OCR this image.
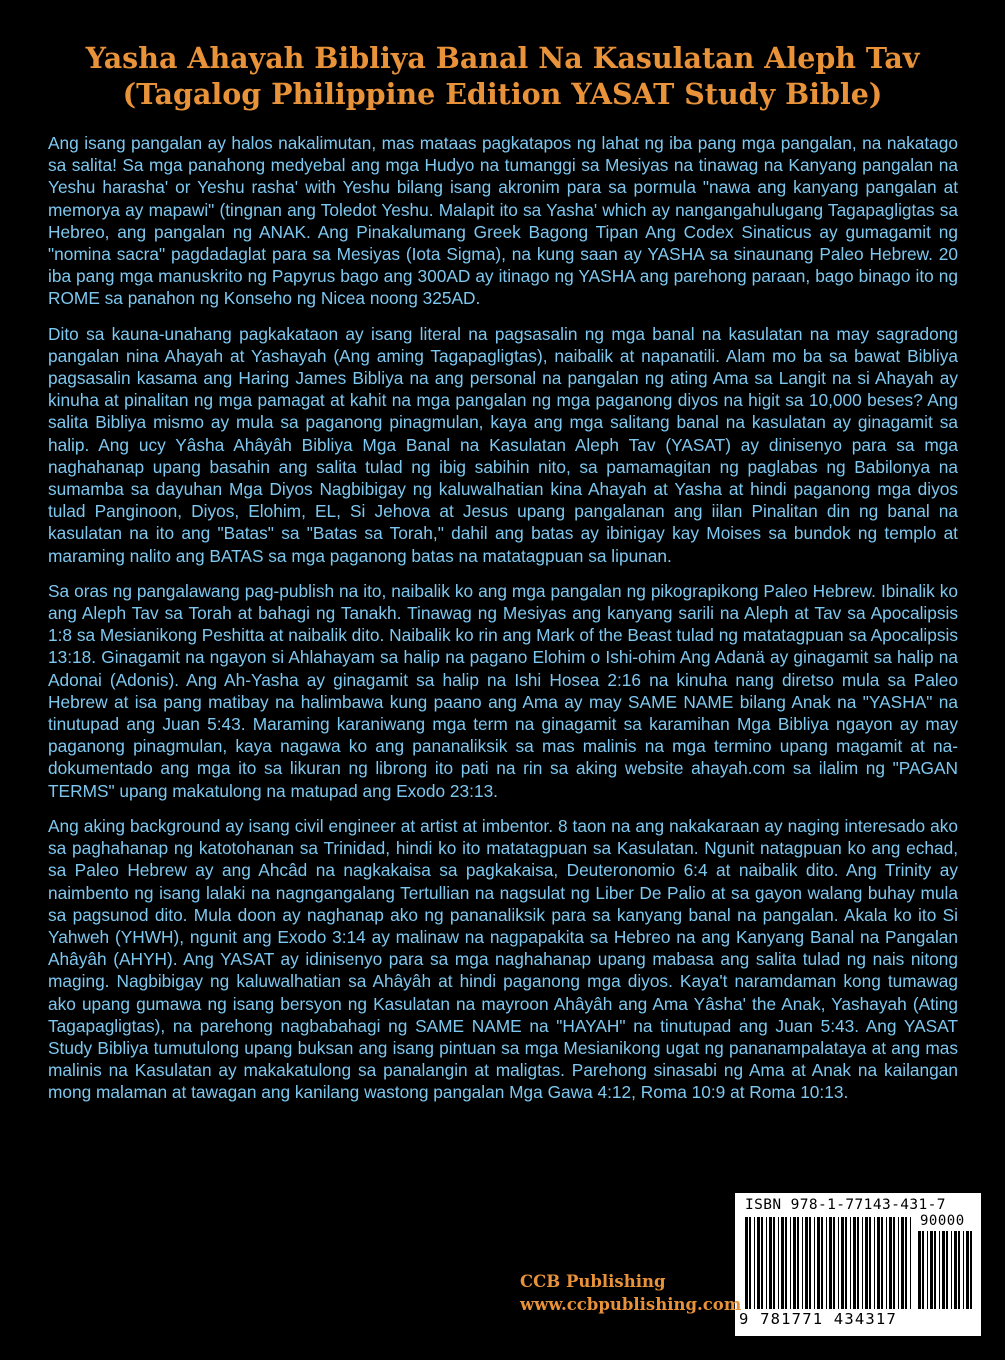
Yasha Ahayah Bibliya Banal Na Kasulatan Aleph Tav
(Tagalog Philippine Edition YASAT Study Bible)

Ang isang pangalan ay halos nakalimutan, mas mataas pagkatapos ng lahat ng iba pang mga pangalan, na nakatago sa salita! Sa mga panahong medyebal ang mga Hudyo na tumanggi sa Mesiyas na tinawag na Kanyang pangalan na Yeshu harasha' or Yeshu rasha' with Yeshu bilang isang akronim para sa pormula "nawa ang kanyang pangalan at memorya ay mapawi" (tingnan ang Toledot Yeshu. Malapit ito sa Yasha' which ay nangangahulugang Tagapagligtas sa Hebreo, ang pangalan ng ANAK. Ang Pinakalumang Greek Bagong Tipan Ang Codex Sinaticus ay gumagamit ng "nomina sacra" pagdadaglat para sa Mesiyas (Iota Sigma), na kung saan ay YASHA sa sinaunang Paleo Hebrew. 20 iba pang mga manuskrito ng Papyrus bago ang 300AD ay itinago ng YASHA ang parehong paraan, bago binago ito ng ROME sa panahon ng Konseho ng Nicea noong 325AD.

Dito sa kauna-unahang pagkakataon ay isang literal na pagsasalin ng mga banal na kasulatan na may sagradong pangalan nina Ahayah at Yashayah (Ang aming Tagapagligtas), naibalik at napanatili. Alam mo ba sa bawat Bibliya pagsasalin kasama ang Haring James Bibliya na ang personal na pangalan ng ating Ama sa Langit na si Ahayah ay kinuha at pinalitan ng mga pamagat at kahit na mga pangalan ng mga paganong diyos na higit sa 10,000 beses? Ang salita Bibliya mismo ay mula sa paganong pinagmulan, kaya ang mga salitang banal na kasulatan ay ginagamit sa halip. Ang ucy Yâsha Ahâyâh Bibliya Mga Banal na Kasulatan Aleph Tav (YASAT) ay dinisenyo para sa mga naghahanap upang basahin ang salita tulad ng ibig sabihin nito, sa pamamagitan ng paglabas ng Babilonya na sumamba sa dayuhan Mga Diyos Nagbibigay ng kaluwalhatian kina Ahayah at Yasha at hindi paganong mga diyos tulad Panginoon, Diyos, Elohim, EL, Si Jehova at Jesus upang pangalanan ang iilan Pinalitan din ng banal na kasulatan na ito ang "Batas" sa "Batas sa Torah," dahil ang batas ay ibinigay kay Moises sa bundok ng templo at maraming nalito ang BATAS sa mga paganong batas na matatagpuan sa lipunan.

Sa oras ng pangalawang pag-publish na ito, naibalik ko ang mga pangalan ng pikograpikong Paleo Hebrew. Ibinalik ko ang Aleph Tav sa Torah at bahagi ng Tanakh. Tinawag ng Mesiyas ang kanyang sarili na Aleph at Tav sa Apocalipsis 1:8 sa Mesianikong Peshitta at naibalik dito. Naibalik ko rin ang Mark of the Beast tulad ng matatagpuan sa Apocalipsis 13:18. Ginagamit na ngayon si Ahlahayam sa halip na pagano Elohim o Ishi-ohim Ang Adanä ay ginagamit sa halip na Adonai (Adonis). Ang Ah-Yasha ay ginagamit sa halip na Ishi Hosea 2:16 na kinuha nang diretso mula sa Paleo Hebrew at isa pang matibay na halimbawa kung paano ang Ama ay may SAME NAME bilang Anak na "YASHA" na tinutupad ang Juan 5:43. Maraming karaniwang mga term na ginagamit sa karamihan Mga Bibliya ngayon ay may paganong pinagmulan, kaya nagawa ko ang pananaliksik sa mas malinis na mga termino upang magamit at na-dokumentado ang mga ito sa likuran ng librong ito pati na rin sa aking website ahayah.com sa ilalim ng "PAGAN TERMS" upang makatulong na matupad ang Exodo 23:13.

Ang aking background ay isang civil engineer at artist at imbentor. 8 taon na ang nakakaraan ay naging interesado ako sa paghahanap ng katotohanan sa Trinidad, hindi ko ito matatagpuan sa Kasulatan. Ngunit natagpuan ko ang echad, sa Paleo Hebrew ay ang Ahcâd na nagkakaisa sa pagkakaisa, Deuteronomio 6:4 at naibalik dito. Ang Trinity ay naimbento ng isang lalaki na nagngangalang Tertullian na nagsulat ng Liber De Palio at sa gayon walang buhay mula sa pagsunod dito. Mula doon ay naghanap ako ng pananaliksik para sa kanyang banal na pangalan. Akala ko ito Si Yahweh (YHWH), ngunit ang Exodo 3:14 ay malinaw na nagpapakita sa Hebreo na ang Kanyang Banal na Pangalan Ahâyâh (AHYH). Ang YASAT ay idinisenyo para sa mga naghahanap upang mabasa ang salita tulad ng nais nitong maging. Nagbibigay ng kaluwalhatian sa Ahâyâh at hindi paganong mga diyos. Kaya't naramdaman kong tumawag ako upang gumawa ng isang bersyon ng Kasulatan na mayroon Ahâyâh ang Ama Yâsha' the Anak, Yashayah (Ating Tagapagligtas), na parehong nagbabahagi ng SAME NAME na "HAYAH" na tinutupad ang Juan 5:43. Ang YASAT Study Bibliya tumutulong upang buksan ang isang pintuan sa mga Mesianikong ugat ng pananampalataya at ang mas malinis na Kasulatan ay makakatulong sa panalangin at maligtas. Parehong sinasabi ng Ama at Anak na kailangan mong malaman at tawagan ang kanilang wastong pangalan Mga Gawa 4:12, Roma 10:9 at Roma 10:13.

ISBN 978-1-77143-431-7
90000
9 781771 434317
CCB Publishing
www.ccbpublishing.com
